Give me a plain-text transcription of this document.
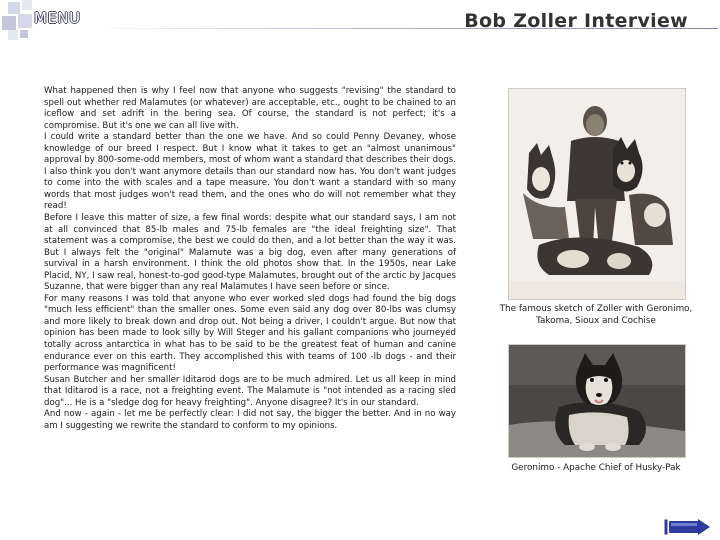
MENU	Bob Zoller Interview

What happened then is why I feel now that anyone who suggests "revising" the standard to spell out whether red Malamutes (or whatever) are acceptable, etc., ought to be chained to an iceflow and set adrift in the bering sea. Of course, the standard is not perfect; it's a compromise. But it's one we can all live with.

I could write a standard better than the one we have. And so could Penny Devaney, whose knowledge of our breed I respect. But I know what it takes to get an "almost unanimous" approval by 800-some-odd members, most of whom want a standard that describes their dogs. I also think you don't want anymore details than our standard now has. You don't want judges to come into the with scales and a tape measure. You don't want a standard with so many words that most judges won't read them, and the ones who do will not remember what they read!

Before I leave this matter of size, a few final words: despite what our standard says, I am not at all convinced that 85-lb males and 75-lb females are "the ideal freighting size". That statement was a compromise, the best we could do then, and a lot better than the way it was. But I always felt the "original" Malamute was a big dog, even after many generations of survival in a harsh environment. I think the old photos show that. In the 1950s, near Lake Placid, NY, I saw real, honest-to-god good-type Malamutes, brought out of the arctic by Jacques Suzanne, that were bigger than any real Malamutes I have seen before or since.

For many reasons I was told that anyone who ever worked sled dogs had found the big dogs "much less efficient" than the smaller ones. Some even said any dog over 80-lbs was clumsy and more likely to break down and drop out. Not being a driver, I couldn't argue. But now that opinion has been made to look silly by Will Steger and his gallant companions who journeyed totally across antarctica in what has to be said to be the greatest feat of human and canine endurance ever on this earth. They accomplished this with teams of 100 -lb dogs - and their performance was magnificent!

Susan Butcher and her smaller Iditarod dogs are to be much admired. Let us all keep in mind that Iditarod is a race, not a freighting event. The Malamute is "not intended as a racing sled dog"... He is a "sledge dog for heavy freighting". Anyone disagree? It's in our standard.

And now - again - let me be perfectly clear: I did not say, the bigger the better. And in no way am I suggesting we rewrite the standard to conform to my opinions.

The famous sketch of Zoller with Geronimo, Takoma, Sioux and Cochise
Geronimo - Apache Chief of Husky-Pak
